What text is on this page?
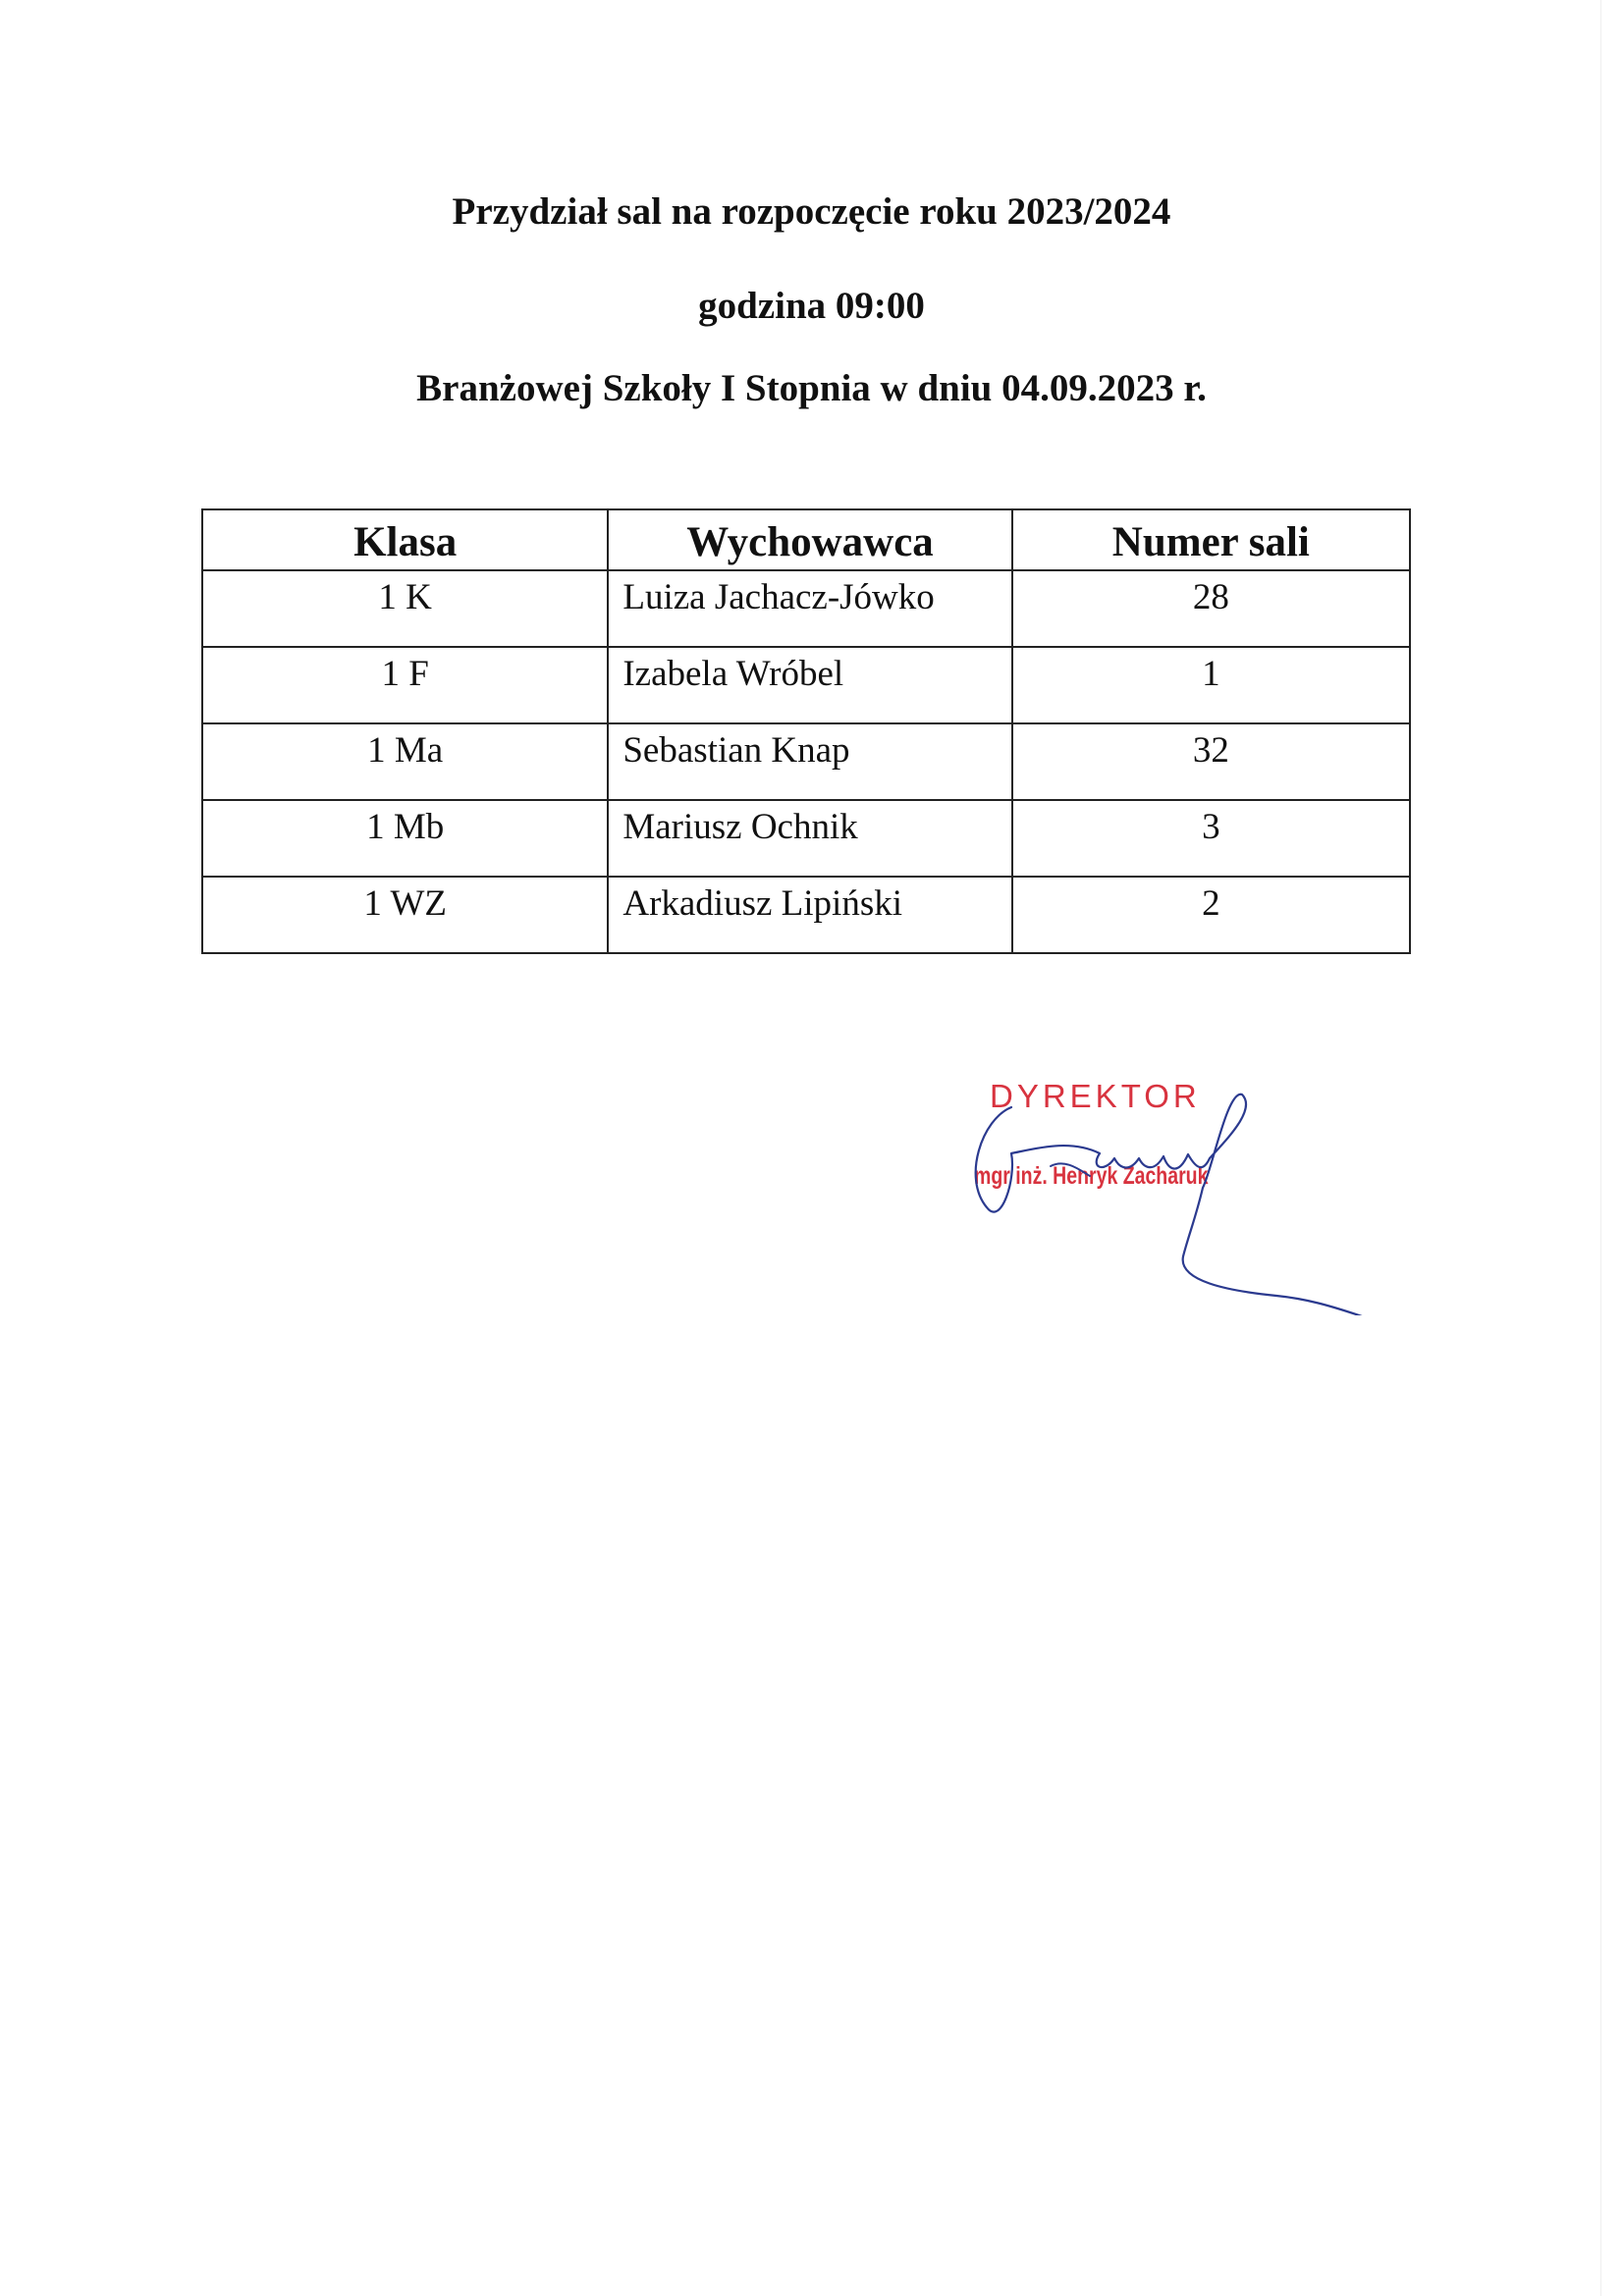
Przydział sal na rozpoczęcie roku 2023/2024

godzina 09:00

Branżowej Szkoły I Stopnia w dniu 04.09.2023 r.

Klasa	Wychowawca	Numer sali
1 K	Luiza Jachacz-Jówko	28
1 F	Izabela Wróbel	1
1 Ma	Sebastian Knap	32
1 Mb	Mariusz Ochnik	3
1 WZ	Arkadiusz Lipiński	2
DYREKTOR
mgr inż. Henryk Zacharuk
